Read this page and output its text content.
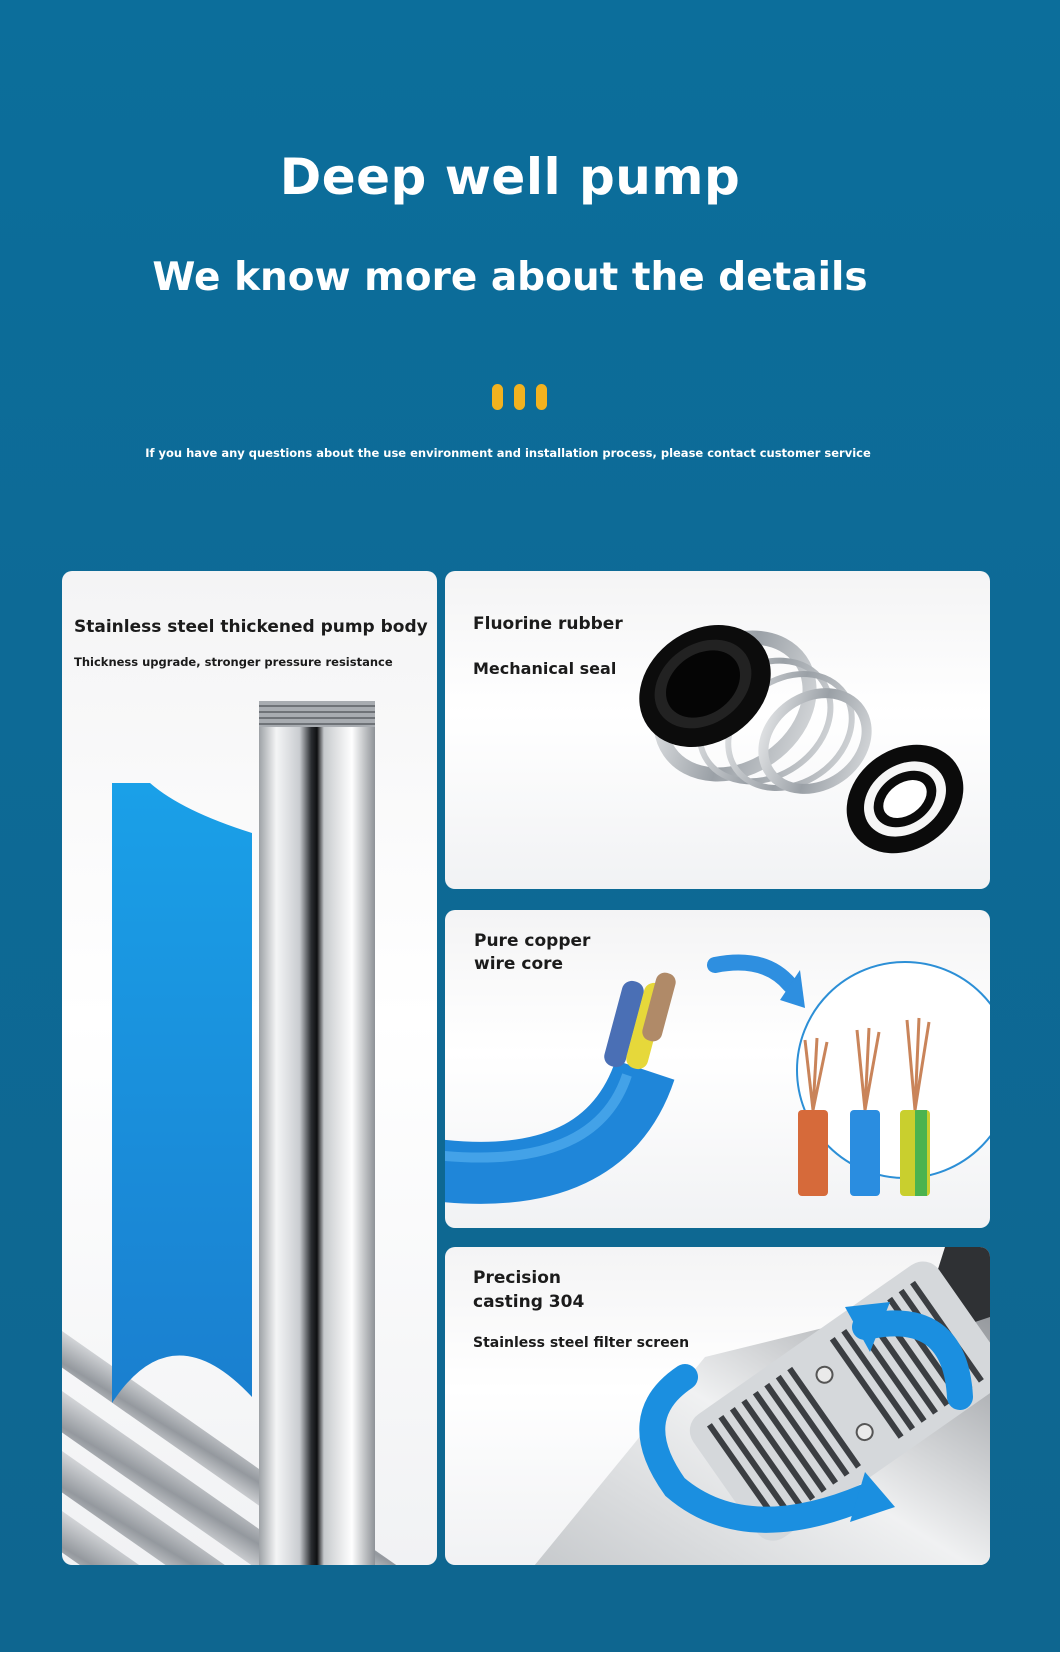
Deep well pump
We know more about the details
If you have any questions about the use environment and installation process, please contact customer service
Stainless steel thickened pump body
Thickness upgrade, stronger pressure resistance
Fluorine rubber
Mechanical seal
Pure copper
wire core
Precision
casting 304
Stainless steel filter screen
